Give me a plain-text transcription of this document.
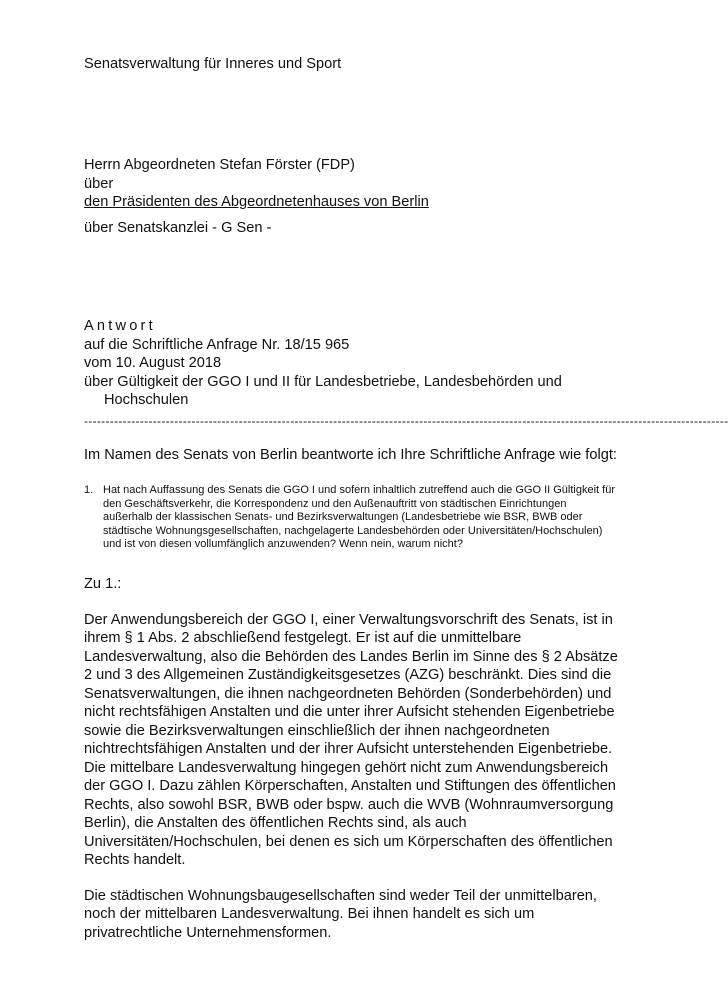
Senatsverwaltung für Inneres und Sport
Herrn Abgeordneten Stefan Förster (FDP)
über
den Präsidenten des Abgeordnetenhauses von Berlin
über Senatskanzlei - G Sen -
Antwort
auf die Schriftliche Anfrage Nr. 18/15 965
vom 10. August 2018
über Gültigkeit der GGO I und II für Landesbetriebe, Landesbehörden und
Hochschulen
------------------------------------------------------------------------------------------------------------------------------------------------------
Im Namen des Senats von Berlin beantworte ich Ihre Schriftliche Anfrage wie folgt:
1. Hat nach Auffassung des Senats die GGO I und sofern inhaltlich zutreffend auch die GGO II Gültigkeit für den Geschäftsverkehr, die Korrespondenz und den Außenauftritt von städtischen Einrichtungen außerhalb der klassischen Senats- und Bezirksverwaltungen (Landesbetriebe wie BSR, BWB oder städtische Wohnungsgesellschaften, nachgelagerte Landesbehörden oder Universitäten/Hochschulen) und ist von diesen vollumfänglich anzuwenden? Wenn nein, warum nicht?

Zu 1.:

Der Anwendungsbereich der GGO I, einer Verwaltungsvorschrift des Senats, ist in ihrem § 1 Abs. 2 abschließend festgelegt. Er ist auf die unmittelbare Landesverwaltung, also die Behörden des Landes Berlin im Sinne des § 2 Absätze 2 und 3 des Allgemeinen Zuständigkeitsgesetzes (AZG) beschränkt. Dies sind die Senatsverwaltungen, die ihnen nachgeordneten Behörden (Sonderbehörden) und nicht rechtsfähigen Anstalten und die unter ihrer Aufsicht stehenden Eigenbetriebe sowie die Bezirksverwaltungen einschließlich der ihnen nachgeordneten nichtrechtsfähigen Anstalten und der ihrer Aufsicht unterstehenden Eigenbetriebe. Die mittelbare Landesverwaltung hingegen gehört nicht zum Anwendungsbereich der GGO I. Dazu zählen Körperschaften, Anstalten und Stiftungen des öffentlichen Rechts, also sowohl BSR, BWB oder bspw. auch die WVB (Wohnraumversorgung Berlin), die Anstalten des öffentlichen Rechts sind, als auch Universitäten/Hochschulen, bei denen es sich um Körperschaften des öffentlichen Rechts handelt.

Die städtischen Wohnungsbaugesellschaften sind weder Teil der unmittelbaren, noch der mittelbaren Landesverwaltung. Bei ihnen handelt es sich um privatrechtliche Unternehmensformen.
